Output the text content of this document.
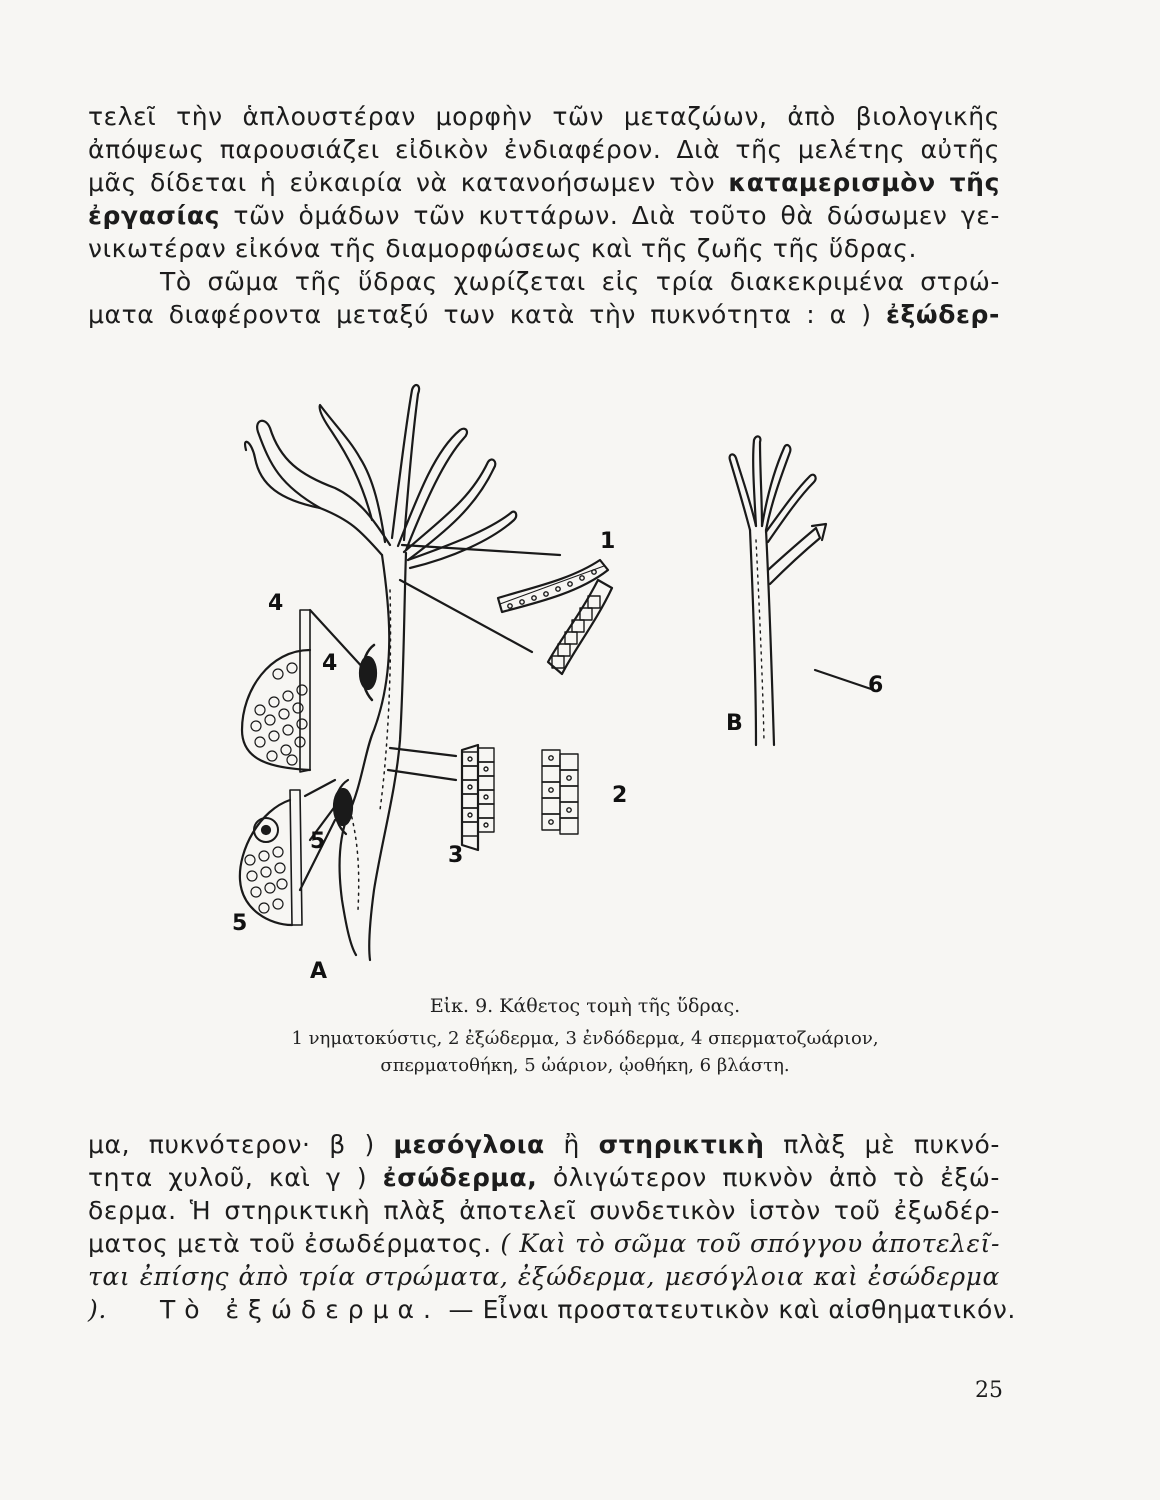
τελεῖ τὴν ἁπλουστέραν μορφὴν τῶν μεταζώων, ἀπὸ βιολογικῆς
ἀπόψεως παρουσιάζει εἰδικὸν ἐνδιαφέρον. Διὰ τῆς μελέτης αὐτῆς
μᾶς δίδεται ἡ εὐκαιρία νὰ κατανοήσωμεν τὸν καταμερισμὸν τῆς
ἐργασίας τῶν ὁμάδων τῶν κυττάρων. Διὰ τοῦτο θὰ δώσωμεν γε-
νικωτέραν εἰκόνα τῆς διαμορφώσεως καὶ τῆς ζωῆς τῆς ὕδρας.
Τὸ σῶμα τῆς ὕδρας χωρίζεται εἰς τρία διακεκριμένα στρώ-
ματα διαφέροντα μεταξύ των κατὰ τὴν πυκνότητα : α ) ἐξώδερ-
1
2
3
4
4
5
5
6
A
B
Εἰκ. 9. Κάθετος τομὴ τῆς ὕδρας.
1 νηματοκύστις, 2 ἐξώδερμα, 3 ἐνδόδερμα, 4 σπερματοζωάριον,
σπερματοθήκη, 5 ὠάριον, ᾠοθήκη, 6 βλάστη.
μα, πυκνότερον· β ) μεσόγλοια ἢ στηρικτικὴ πλὰξ μὲ πυκνό-
τητα χυλοῦ, καὶ γ ) ἐσώδερμα, ὀλιγώτερον πυκνὸν ἀπὸ τὸ ἐξώ-
δερμα. Ἡ στηρικτικὴ πλὰξ ἀποτελεῖ συνδετικὸν ἱστὸν τοῦ ἐξωδέρ-
ματος μετὰ τοῦ ἐσωδέρματος. ( Καὶ τὸ σῶμα τοῦ σπόγγου ἀποτελεῖ-
ται ἐπίσης ἀπὸ τρία στρώματα, ἐξώδερμα, μεσόγλοια καὶ ἐσώδερμα ).	Τὸ ἐξώδερμα. — Εἶναι προστατευτικὸν καὶ αἰσθηματικόν.
25
